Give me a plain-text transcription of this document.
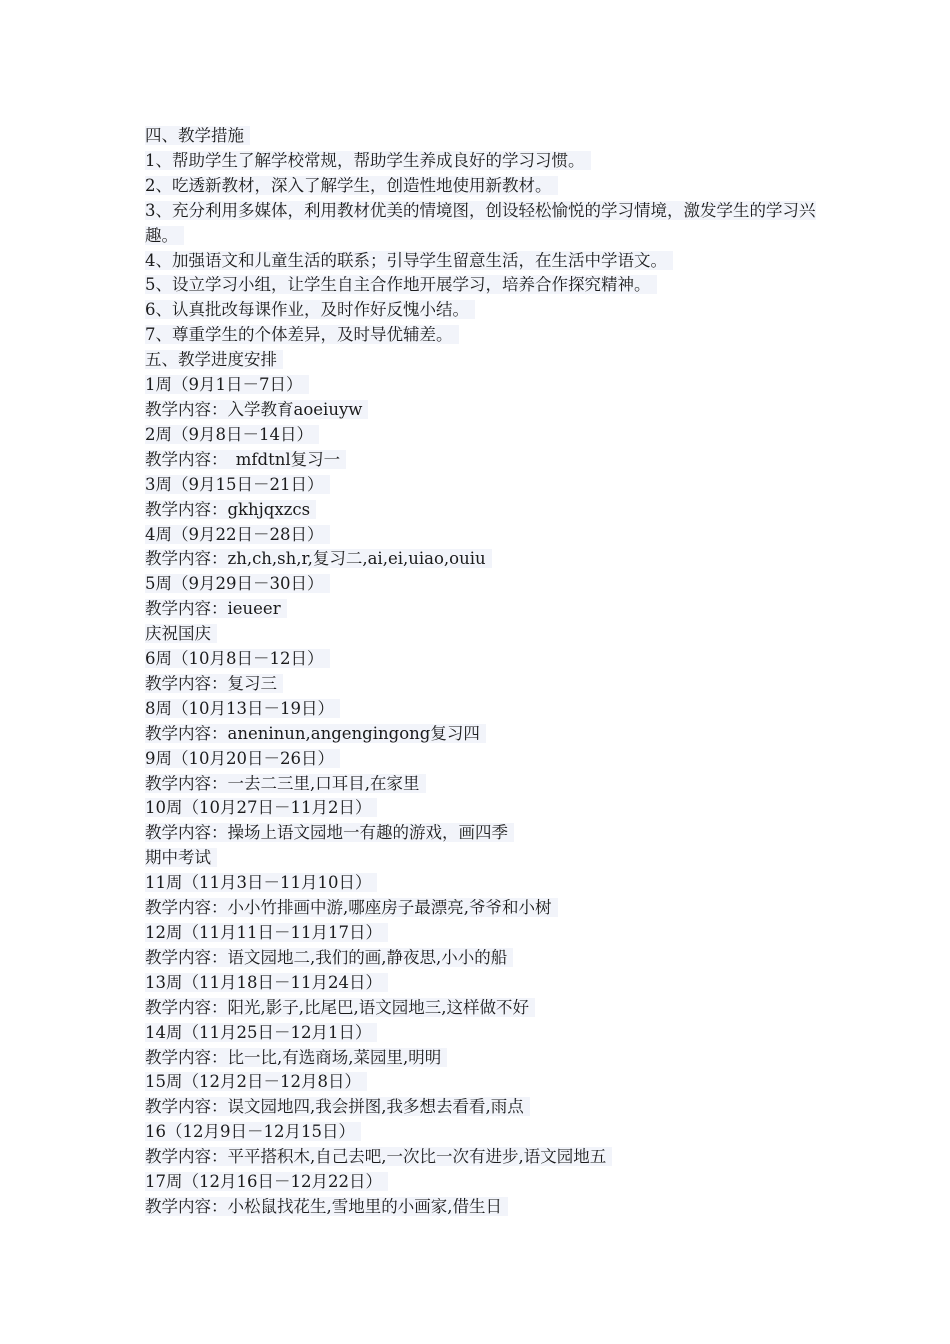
四、教学措施
1、帮助学生了解学校常规，帮助学生养成良好的学习习惯。
2、吃透新教材，深入了解学生，创造性地使用新教材。
3、充分利用多媒体，利用教材优美的情境图，创设轻松愉悦的学习情境，激发学生的学习兴趣。
4、加强语文和儿童生活的联系；引导学生留意生活，在生活中学语文。
5、设立学习小组，让学生自主合作地开展学习，培养合作探究精神。
6、认真批改每课作业，及时作好反愧小结。
7、尊重学生的个体差异，及时导优辅差。
五、教学进度安排
1周（9月1日－7日）
教学内容：入学教育aoeiuyw
2周（9月8日－14日）
教学内容：　mfdtnl复习一
3周（9月15日－21日）
教学内容：gkhjqxzcs
4周（9月22日－28日）
教学内容：zh,ch,sh,r,复习二,ai,ei,uiao,ouiu
5周（9月29日－30日）
教学内容：ieueer
庆祝国庆
6周（10月8日－12日）
教学内容：复习三
8周（10月13日－19日）
教学内容：aneninun,angengingong复习四
9周（10月20日－26日）
教学内容：一去二三里,口耳目,在家里
10周（10月27日－11月2日）
教学内容：操场上语文园地一有趣的游戏，画四季
期中考试
11周（11月3日－11月10日）
教学内容：小小竹排画中游,哪座房子最漂亮,爷爷和小树
12周（11月11日－11月17日）
教学内容：语文园地二,我们的画,静夜思,小小的船
13周（11月18日－11月24日）
教学内容：阳光,影子,比尾巴,语文园地三,这样做不好
14周（11月25日－12月1日）
教学内容：比一比,有选商场,菜园里,明明
15周（12月2日－12月8日）
教学内容：误文园地四,我会拼图,我多想去看看,雨点
16（12月9日－12月15日）
教学内容：平平搭积木,自己去吧,一次比一次有进步,语文园地五
17周（12月16日－12月22日）
教学内容：小松鼠找花生,雪地里的小画家,借生日
